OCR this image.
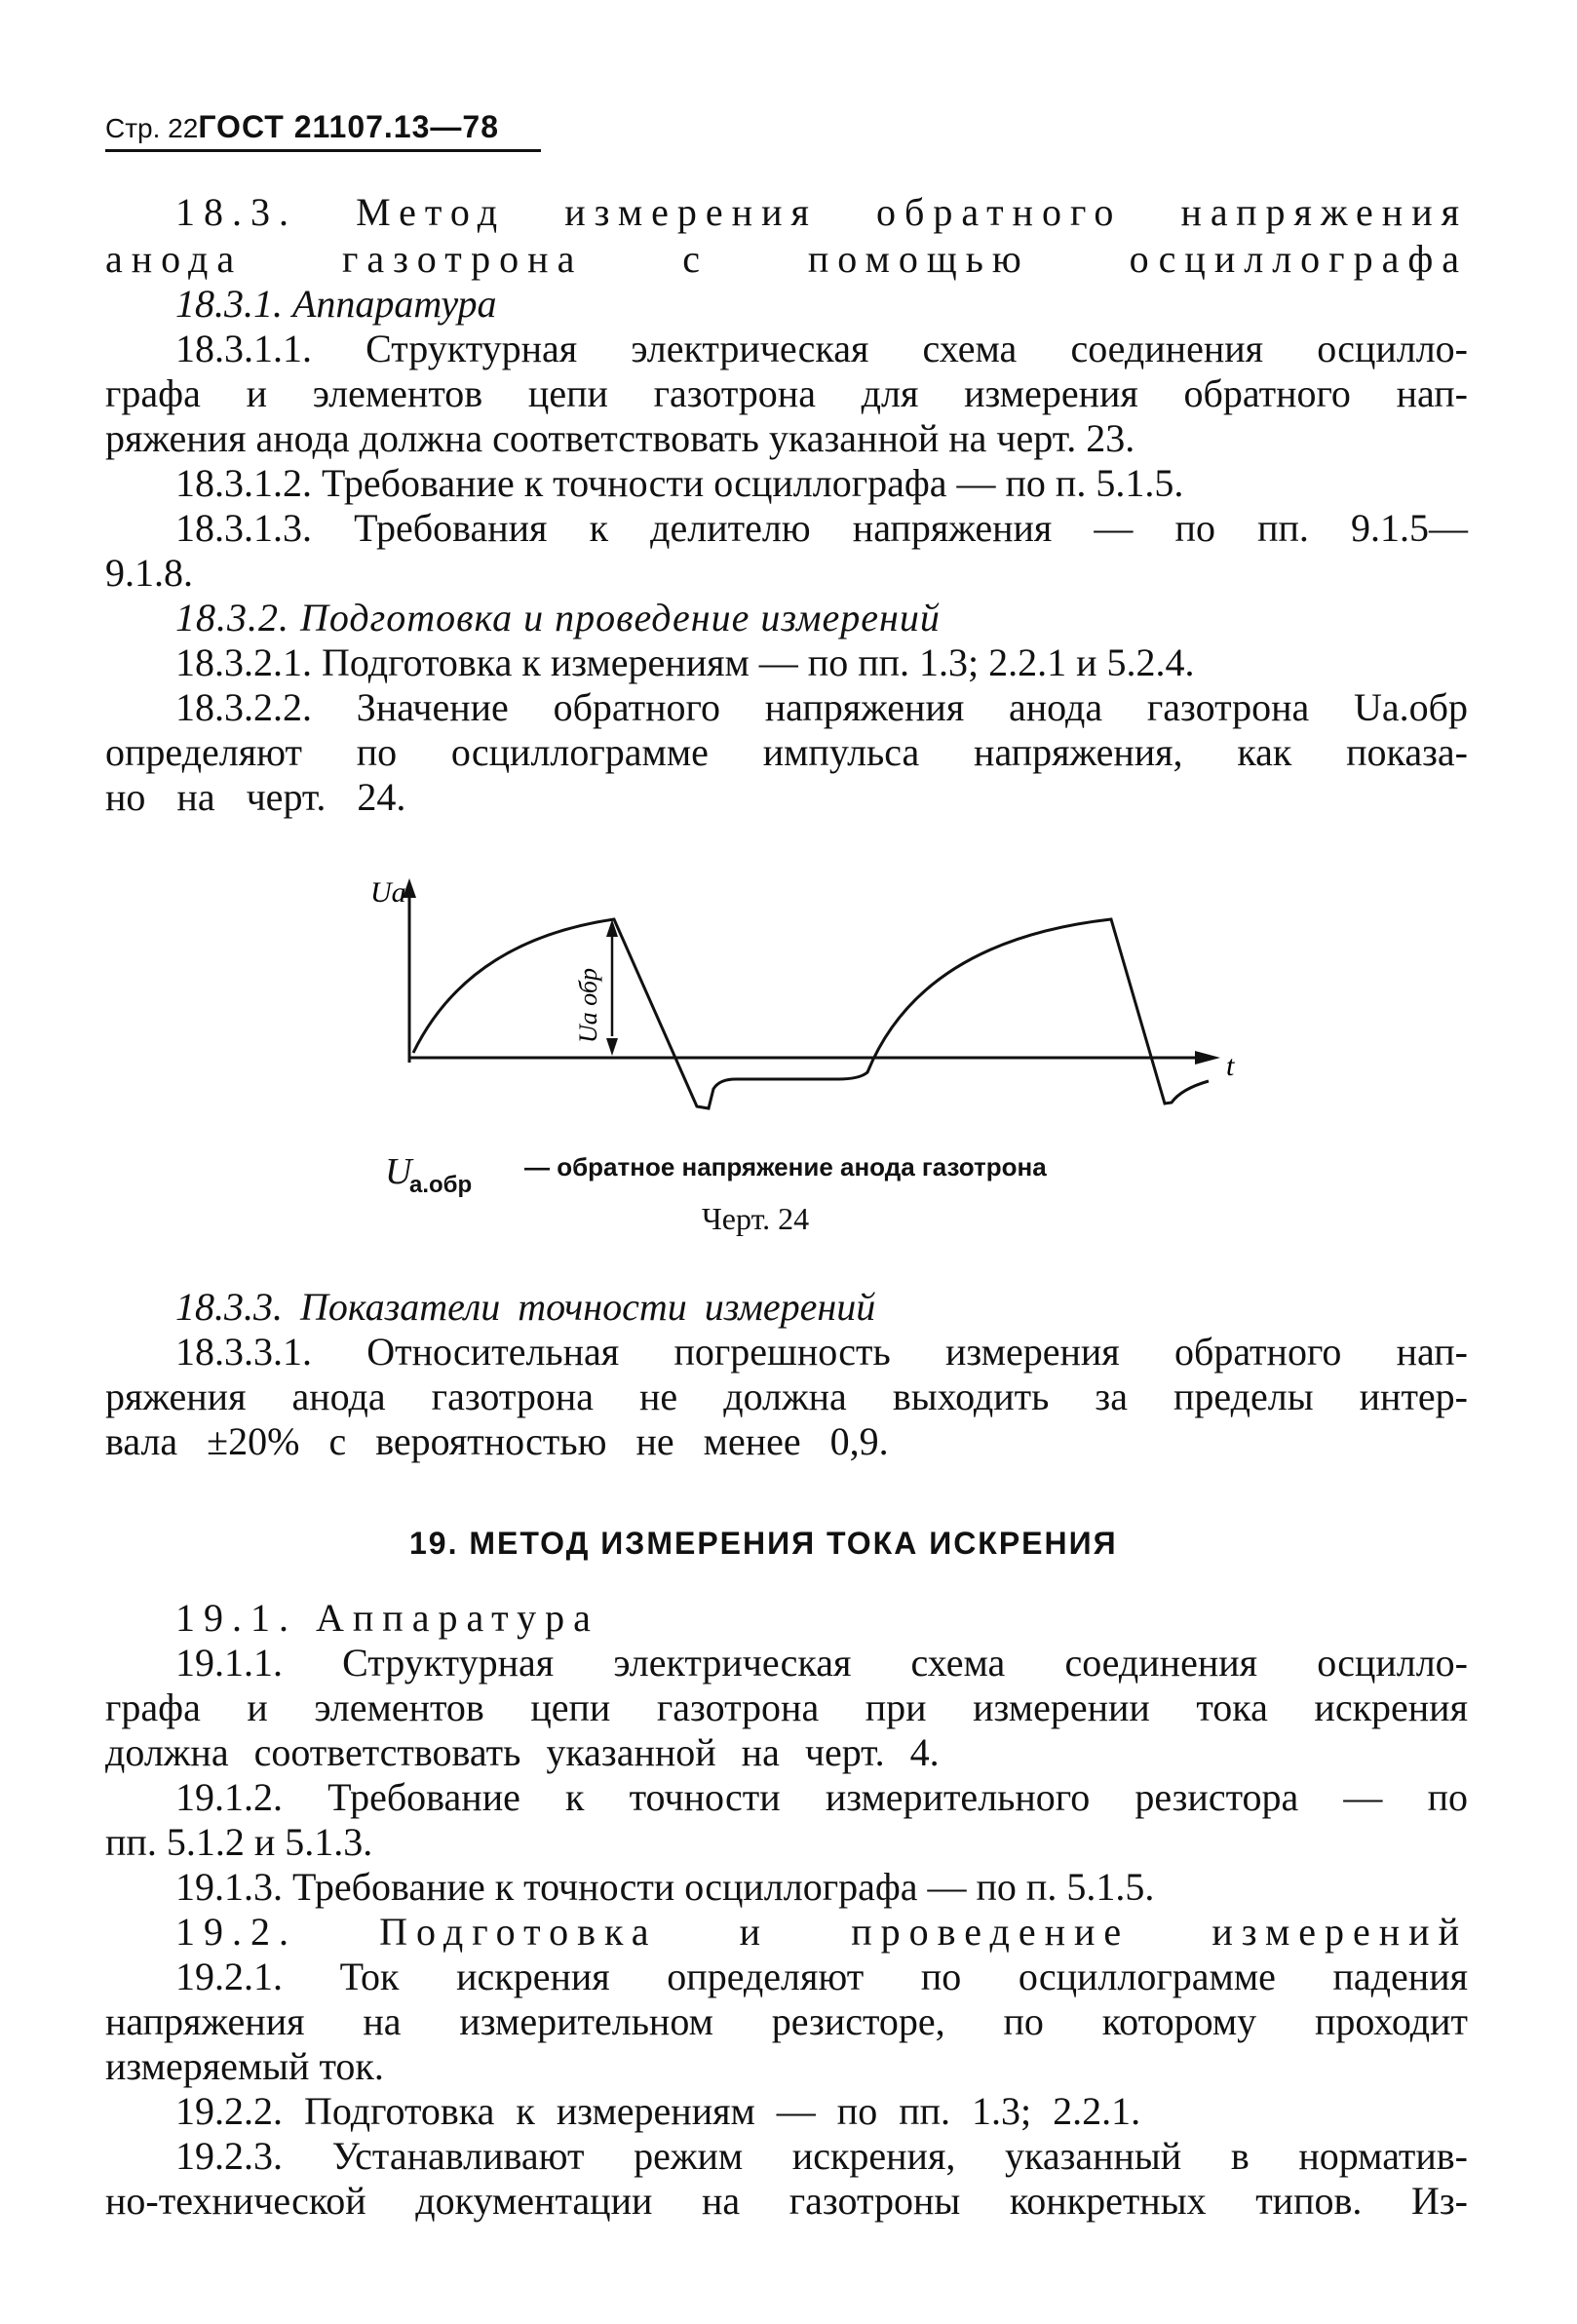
Стр. 22ГОСТ 21107.13—78

18.3. Метод измерения обратного напряжения

анода газотрона с помощью осциллографа

18.3.1. Аппаратура

18.3.1.1. Структурная электрическая схема соединения осцилло-

графа и элементов цепи газотрона для измерения обратного нап-

ряжения анода должна соответствовать указанной на черт. 23.

18.3.1.2. Требование к точности осциллографа — по п. 5.1.5.

18.3.1.3. Требования к делителю напряжения — по пп. 9.1.5—

9.1.8.

18.3.2. Подготовка и проведение измерений

18.3.2.1. Подготовка к измерениям — по пп. 1.3; 2.2.1 и 5.2.4.

18.3.2.2. Значение обратного напряжения анода газотрона Uа.обр

определяют по осциллограмме импульса напряжения, как показа-

но на черт. 24.

Ua
t
Ua обр
U
а.обр
— обратное напряжение анода газотрона
Черт. 24

18.3.3. Показатели точности измерений

18.3.3.1. Относительная погрешность измерения обратного нап-

ряжения анода газотрона не должна выходить за пределы интер-

вала ±20% с вероятностью не менее 0,9.

19. МЕТОД ИЗМЕРЕНИЯ ТОКА ИСКРЕНИЯ

19.1. Аппаратура

19.1.1. Структурная электрическая схема соединения осцилло-

графа и элементов цепи газотрона при измерении тока искрения

должна соответствовать указанной на черт. 4.

19.1.2. Требование к точности измерительного резистора — по

пп. 5.1.2 и 5.1.3.

19.1.3. Требование к точности осциллографа — по п. 5.1.5.

19.2. Подготовка и проведение измерений

19.2.1. Ток искрения определяют по осциллограмме падения

напряжения на измерительном резисторе, по которому проходит

измеряемый ток.

19.2.2. Подготовка к измерениям — по пп. 1.3; 2.2.1.

19.2.3. Устанавливают режим искрения, указанный в норматив-

но-технической документации на газотроны конкретных типов. Из-
